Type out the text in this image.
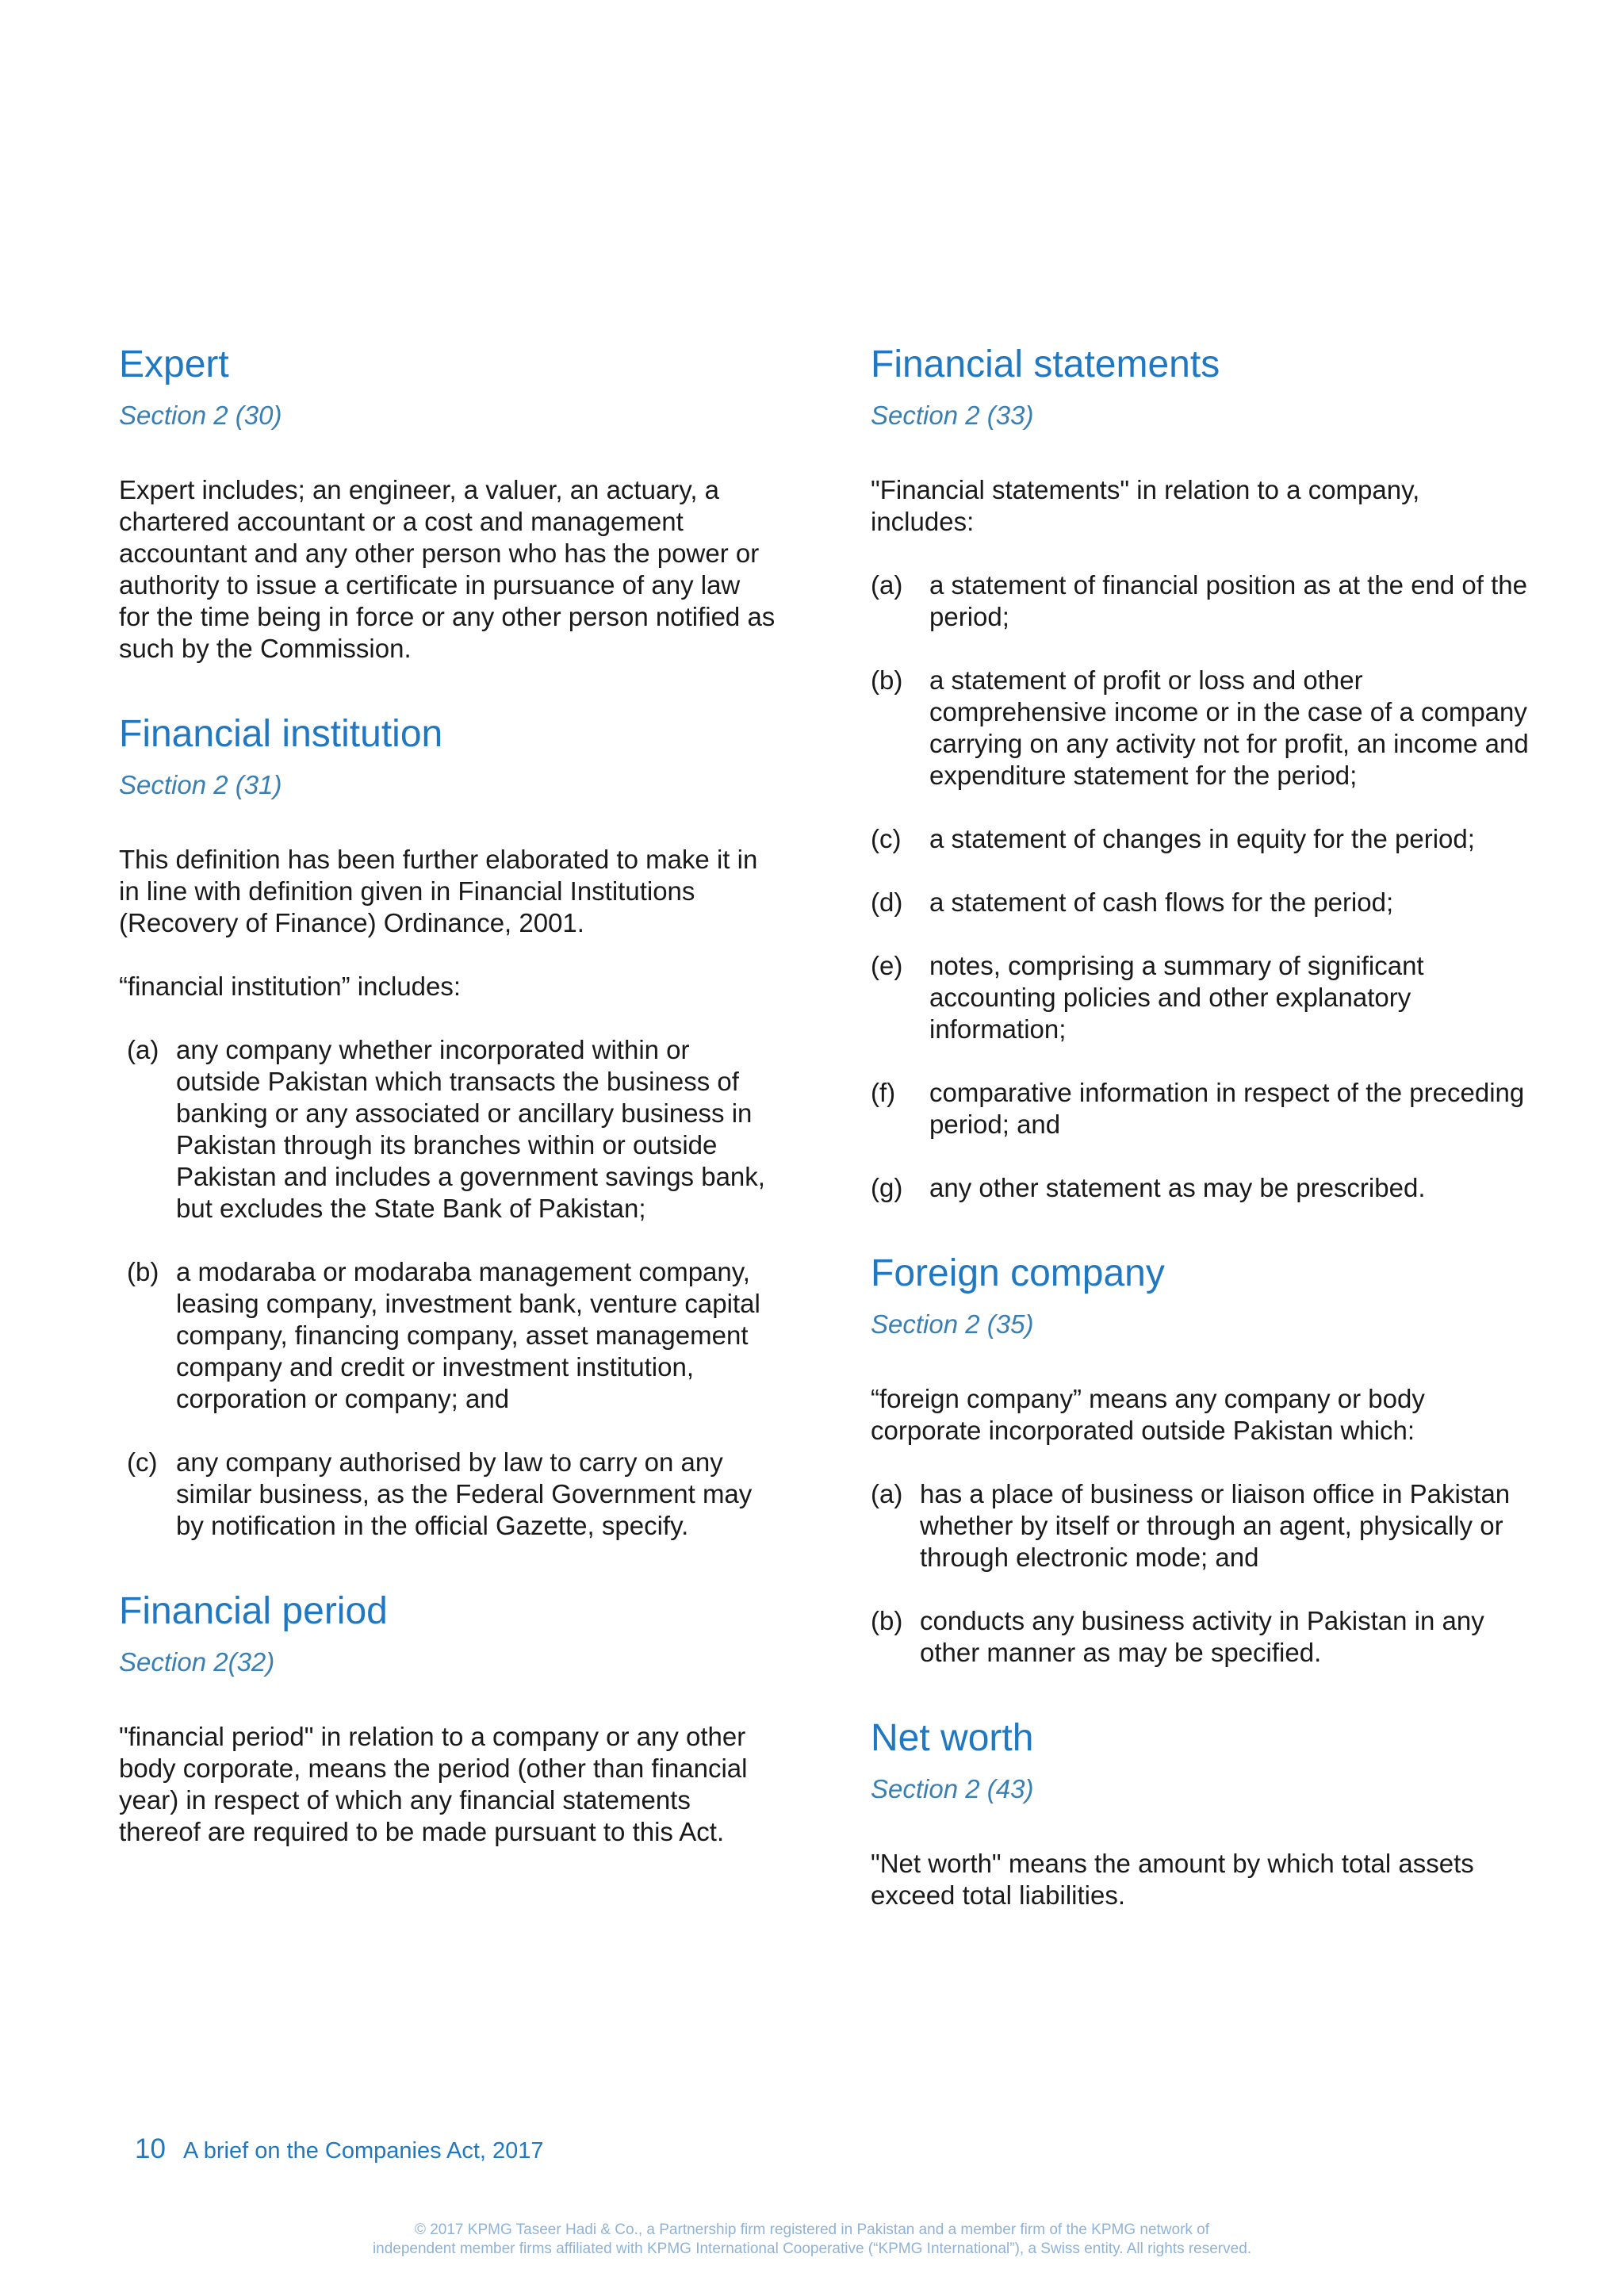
Expert
Section 2 (30)

Expert includes; an engineer, a valuer, an actuary, a chartered accountant or a cost and management accountant and any other person who has the power or authority to issue a certificate in pursuance of any law for the time being in force or any other person notified as such by the Commission.

Financial institution
Section 2 (31)

This definition has been further elaborated to make it in in line with definition given in Financial Institutions (Recovery of Finance) Ordinance, 2001.

“financial institution” includes:

(a) any company whether incorporated within or outside Pakistan which transacts the business of banking or any associated or ancillary business in Pakistan through its branches within or outside Pakistan and includes a government savings bank, but excludes the State Bank of Pakistan;
(b) a modaraba or modaraba management company, leasing company, investment bank, venture capital company, financing company, asset management company and credit or investment institution, corporation or company; and
(c) any company authorised by law to carry on any similar business, as the Federal Government may by notification in the official Gazette, specify.
Financial period
Section 2(32)

"financial period" in relation to a company or any other body corporate, means the period (other than financial year) in respect of which any financial statements thereof are required to be made pursuant to this Act.

Financial statements
Section 2 (33)

"Financial statements" in relation to a company, includes:

(a)	a statement of financial position as at the end of the period;
(b)	a statement of profit or loss and other comprehensive income or in the case of a company carrying on any activity not for profit, an income and expenditure statement for the period;
(c)	a statement of changes in equity for the period;
(d)	a statement of cash flows for the period;
(e)	notes, comprising a summary of significant accounting policies and other explanatory information;
(f)	comparative information in respect of the preceding period; and
(g)	any other statement as may be prescribed.
Foreign company
Section 2 (35)

“foreign company” means any company or body corporate incorporated outside Pakistan which:

(a) has a place of business or liaison office in Pakistan whether by itself or through an agent, physically or through electronic mode; and
(b) conducts any business activity in Pakistan in any other manner as may be specified.
Net worth
Section 2 (43)

"Net worth" means the amount by which total assets exceed total liabilities.

10 A brief on the Companies Act, 2017
© 2017 KPMG Taseer Hadi & Co., a Partnership firm registered in Pakistan and a member firm of the KPMG network of
independent member firms affiliated with KPMG International Cooperative (“KPMG International”), a Swiss entity. All rights reserved.
